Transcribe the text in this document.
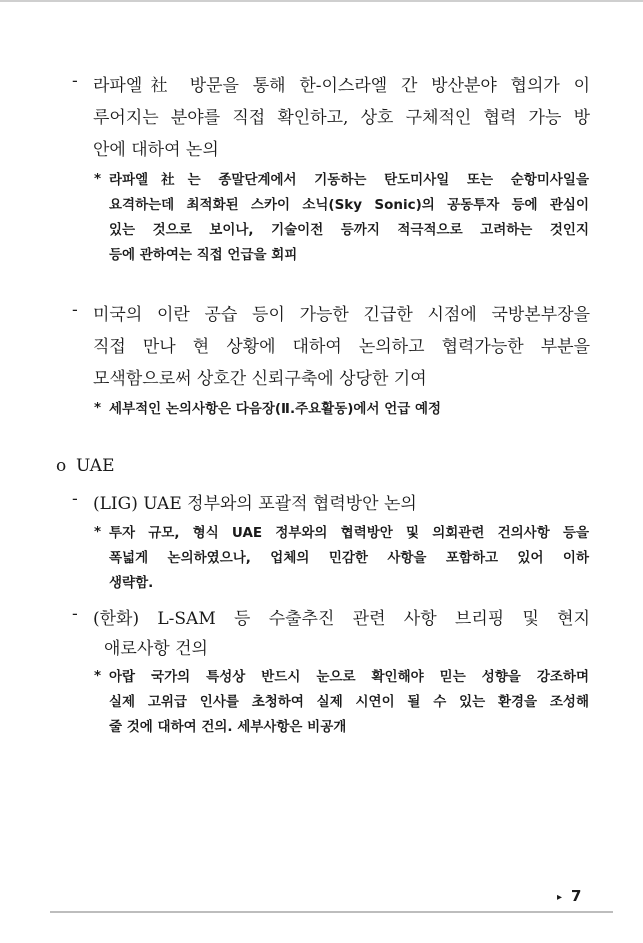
- 라파엘社 방문을 통해 한-이스라엘 간 방산분야 협의가 이

루어지는 분야를 직접 확인하고, 상호 구체적인 협력 가능 방

안에 대하여 논의

* 라파엘社는 종말단계에서 기동하는 탄도미사일 또는 순항미사일을

요격하는데 최적화된 스카이 소닉(Sky Sonic)의 공동투자 등에 관심이

있는 것으로 보이나, 기술이전 등까지 적극적으로 고려하는 것인지

등에 관하여는 직접 언급을 회피

- 미국의 이란 공습 등이 가능한 긴급한 시점에 국방본부장을

직접 만나 현 상황에 대하여 논의하고 협력가능한 부분을

모색함으로써 상호간 신뢰구축에 상당한 기여

* 세부적인 논의사항은 다음장(Ⅱ.주요활동)에서 언급 예정

o UAE
- (LIG) UAE 정부와의 포괄적 협력방안 논의

* 투자 규모, 형식 UAE 정부와의 협력방안 및 의회관련 건의사항 등을

폭넓게 논의하였으나, 업체의 민감한 사항을 포함하고 있어 이하

생략함.

- (한화) L-SAM 등 수출추진 관련 사항 브리핑 및 현지

애로사항 건의

* 아랍 국가의 특성상 반드시 눈으로 확인해야 믿는 성향을 강조하며

실제 고위급 인사를 초청하여 실제 시연이 될 수 있는 환경을 조성해

줄 것에 대하여 건의. 세부사항은 비공개

▸ 7
